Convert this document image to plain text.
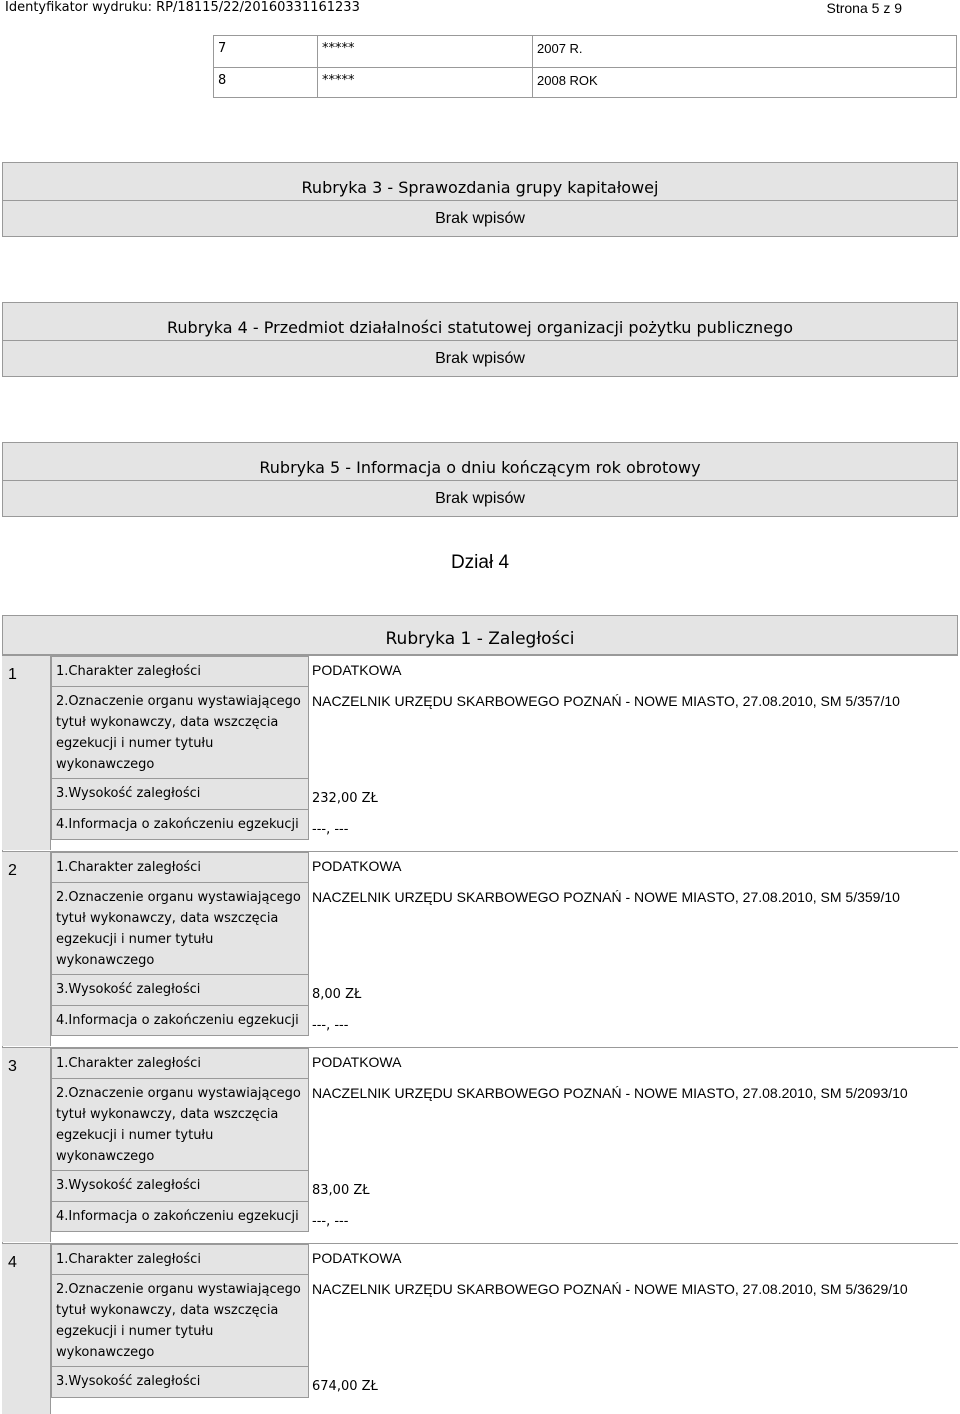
Identyfikator wydruku: RP/18115/22/20160331161233	Strona 5 z 9
7	*****	2007 R.
8	*****	2008 ROK
Rubryka 3 - Sprawozdania grupy kapitałowej
Brak wpisów
Rubryka 4 - Przedmiot działalności statutowej organizacji pożytku publicznego
Brak wpisów
Rubryka 5 - Informacja o dniu kończącym rok obrotowy
Brak wpisów
Dział 4
Rubryka 1 - Zaległości
1	1.Charakter zaległości	PODATKOWA
2.Oznaczenie organu wystawiającego tytuł wykonawczy, data wszczęcia egzekucji i numer tytułu wykonawczego
NACZELNIK URZĘDU SKARBOWEGO POZNAŃ - NOWE MIASTO, 27.08.2010, SM 5/357/10
3.Wysokość zaległości	232,00 ZŁ
4.Informacja o zakończeniu egzekucji	---, ---
2	1.Charakter zaległości	PODATKOWA
2.Oznaczenie organu wystawiającego tytuł wykonawczy, data wszczęcia egzekucji i numer tytułu wykonawczego
NACZELNIK URZĘDU SKARBOWEGO POZNAŃ - NOWE MIASTO, 27.08.2010, SM 5/359/10
3.Wysokość zaległości	8,00 ZŁ
4.Informacja o zakończeniu egzekucji	---, ---
3	1.Charakter zaległości	PODATKOWA
2.Oznaczenie organu wystawiającego tytuł wykonawczy, data wszczęcia egzekucji i numer tytułu wykonawczego
NACZELNIK URZĘDU SKARBOWEGO POZNAŃ - NOWE MIASTO, 27.08.2010, SM 5/2093/10
3.Wysokość zaległości	83,00 ZŁ
4.Informacja o zakończeniu egzekucji	---, ---
4	1.Charakter zaległości	PODATKOWA
2.Oznaczenie organu wystawiającego tytuł wykonawczy, data wszczęcia egzekucji i numer tytułu wykonawczego
NACZELNIK URZĘDU SKARBOWEGO POZNAŃ - NOWE MIASTO, 27.08.2010, SM 5/3629/10
3.Wysokość zaległości	674,00 ZŁ
